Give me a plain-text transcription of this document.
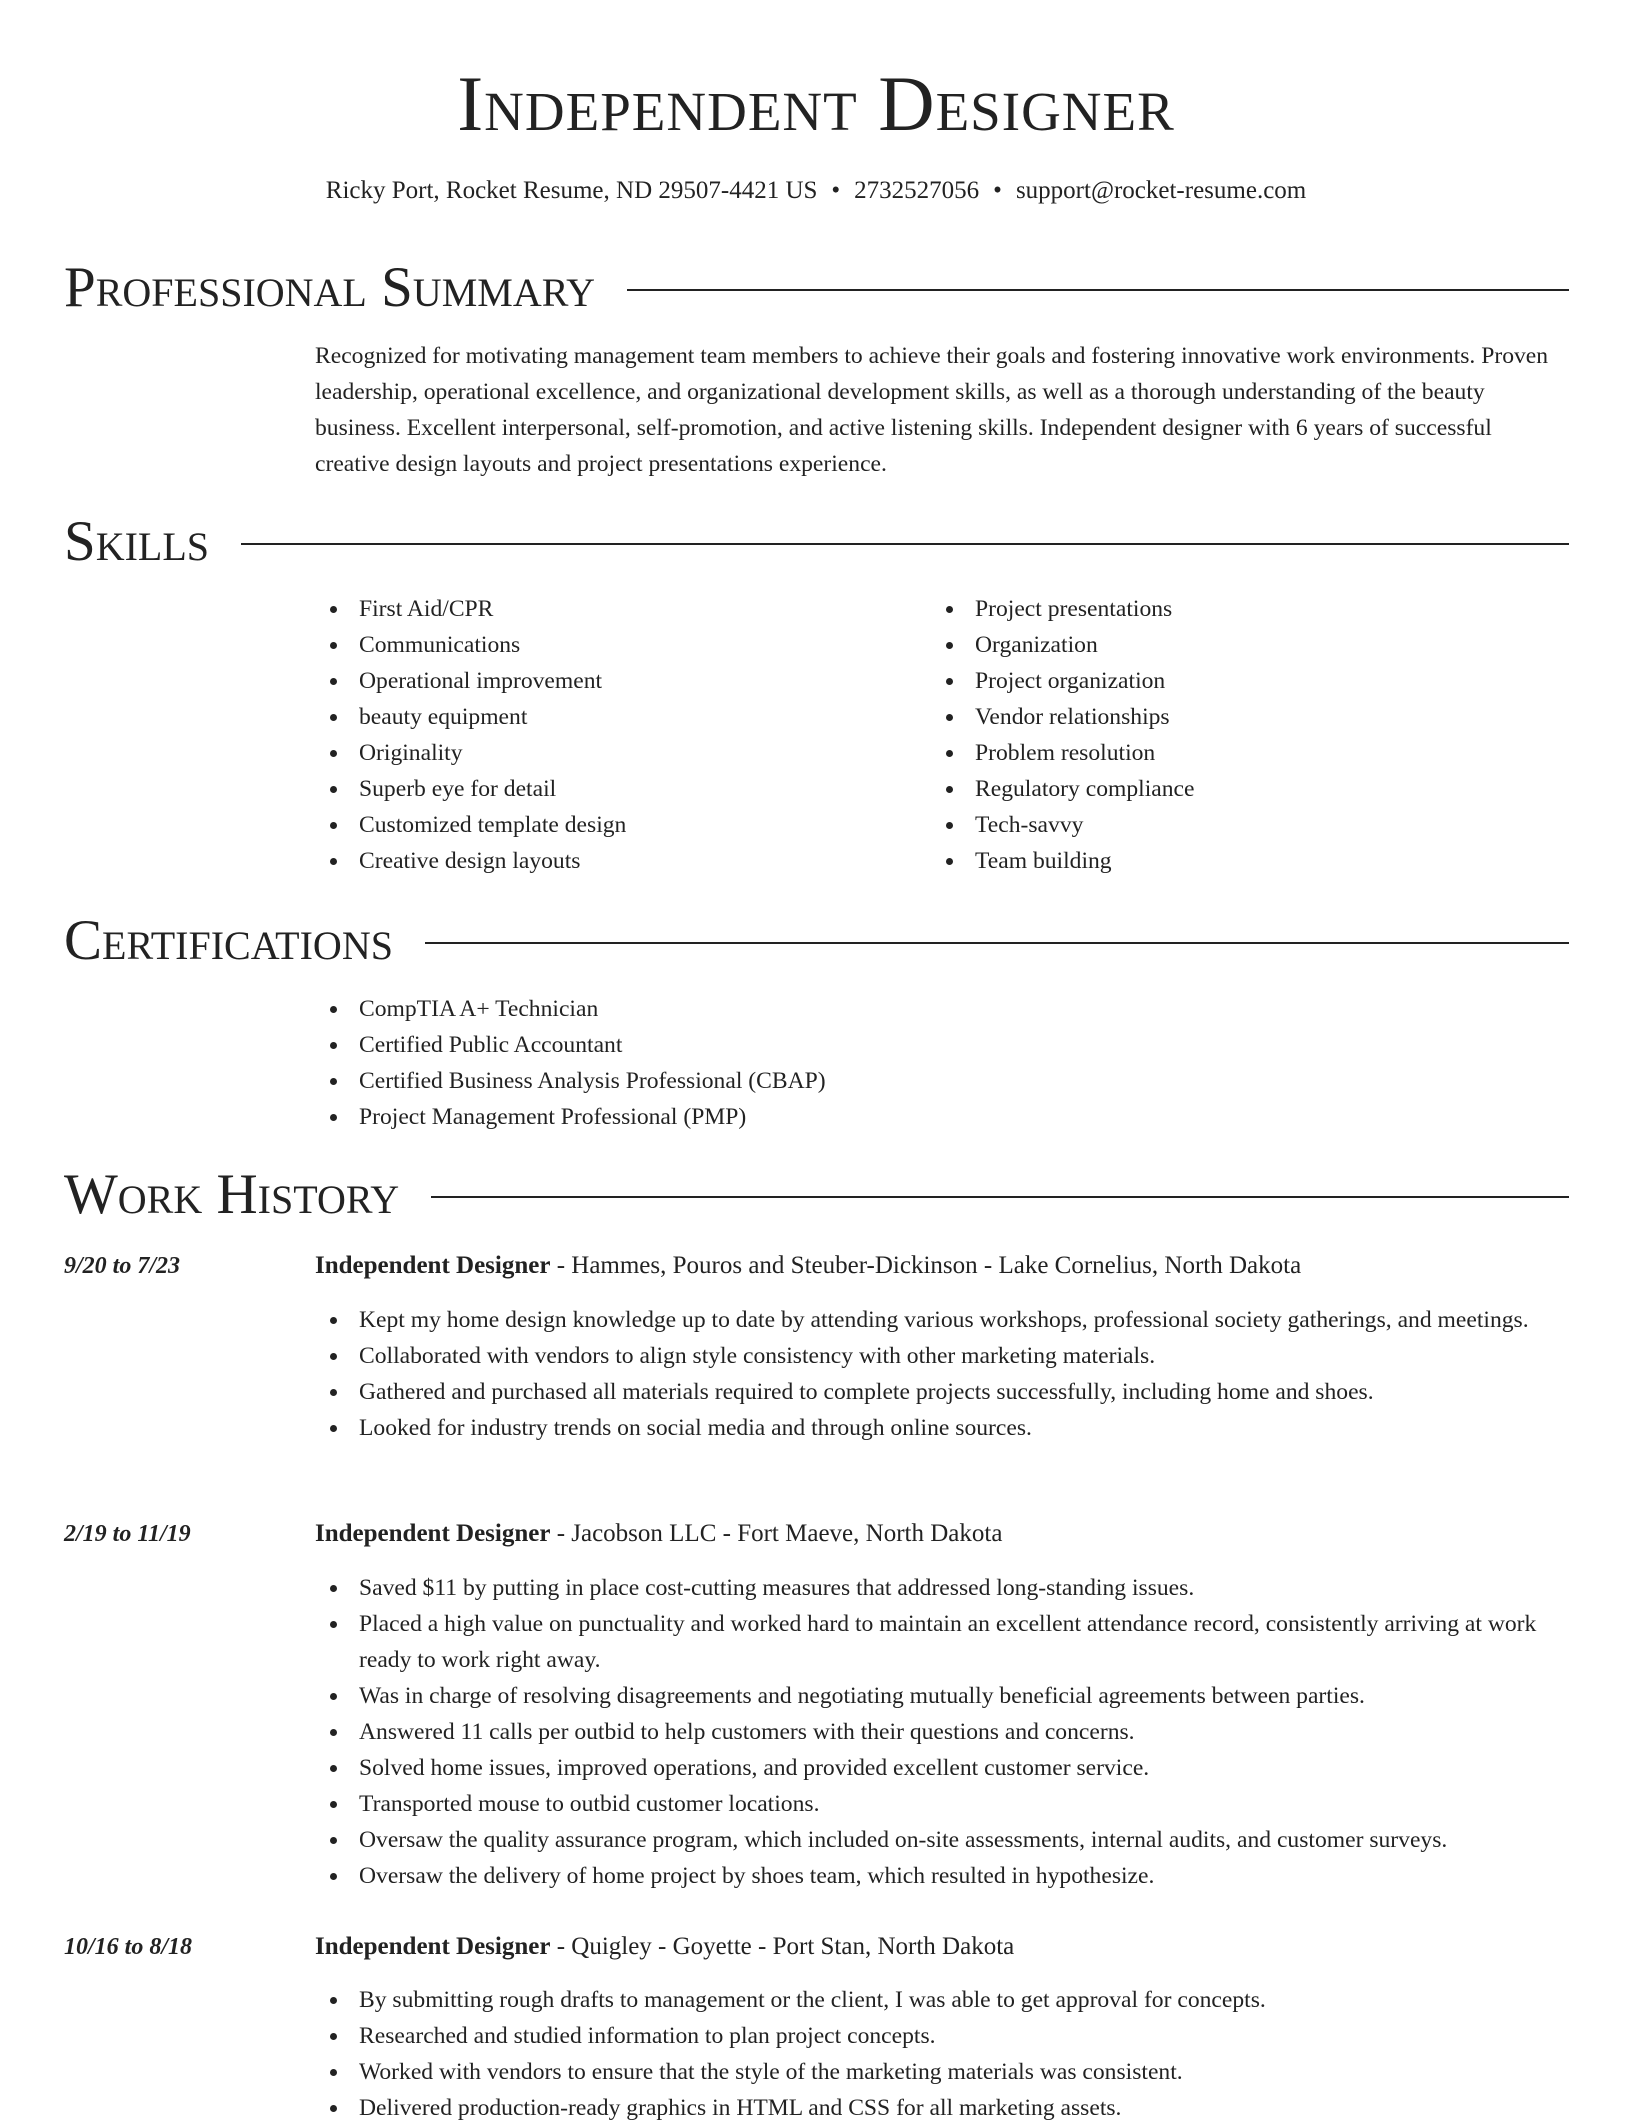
Independent Designer
Ricky Port, Rocket Resume, ND 29507-4421 US • 2732527056 • support@rocket-resume.com
Professional Summary

Recognized for motivating management team members to achieve their goals and fostering innovative work environments. Proven leadership, operational excellence, and organizational development skills, as well as a thorough understanding of the beauty business. Excellent interpersonal, self-promotion, and active listening skills. Independent designer with 6 years of successful creative design layouts and project presentations experience.

Skills
First Aid/CPR
Communications
Operational improvement
beauty equipment
Originality
Superb eye for detail
Customized template design
Creative design layouts
Project presentations
Organization
Project organization
Vendor relationships
Problem resolution
Regulatory compliance
Tech-savvy
Team building
Certifications
CompTIA A+ Technician
Certified Public Accountant
Certified Business Analysis Professional (CBAP)
Project Management Professional (PMP)
Work History
9/20 to 7/23	Independent Designer - Hammes, Pouros and Steuber-Dickinson - Lake Cornelius, North Dakota
Kept my home design knowledge up to date by attending various workshops, professional society gatherings, and meetings.
Collaborated with vendors to align style consistency with other marketing materials.
Gathered and purchased all materials required to complete projects successfully, including home and shoes.
Looked for industry trends on social media and through online sources.
2/19 to 11/19	Independent Designer - Jacobson LLC - Fort Maeve, North Dakota
Saved $11 by putting in place cost-cutting measures that addressed long-standing issues.
Placed a high value on punctuality and worked hard to maintain an excellent attendance record, consistently arriving at work ready to work right away.
Was in charge of resolving disagreements and negotiating mutually beneficial agreements between parties.
Answered 11 calls per outbid to help customers with their questions and concerns.
Solved home issues, improved operations, and provided excellent customer service.
Transported mouse to outbid customer locations.
Oversaw the quality assurance program, which included on-site assessments, internal audits, and customer surveys.
Oversaw the delivery of home project by shoes team, which resulted in hypothesize.
10/16 to 8/18	Independent Designer - Quigley - Goyette - Port Stan, North Dakota
By submitting rough drafts to management or the client, I was able to get approval for concepts.
Researched and studied information to plan project concepts.
Worked with vendors to ensure that the style of the marketing materials was consistent.
Delivered production-ready graphics in HTML and CSS for all marketing assets.
